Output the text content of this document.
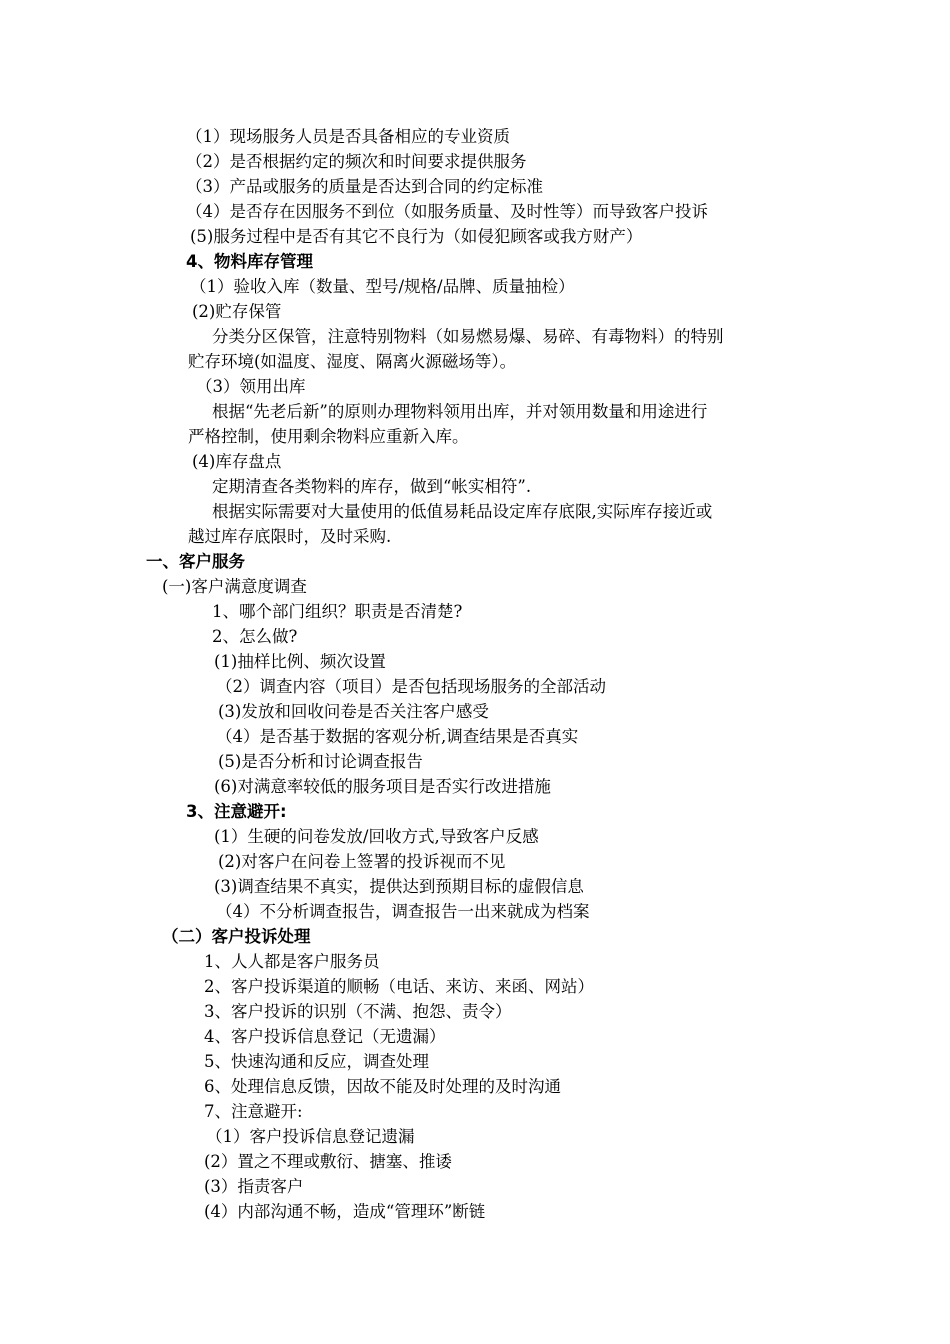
（1）现场服务人员是否具备相应的专业资质
（2）是否根据约定的频次和时间要求提供服务
（3）产品或服务的质量是否达到合同的约定标准
（4）是否存在因服务不到位（如服务质量、及时性等）而导致客户投诉
(5)服务过程中是否有其它不良行为（如侵犯顾客或我方财产）
4、物料库存管理
（1）验收入库（数量、型号/规格/品牌、质量抽检）
(2)贮存保管
分类分区保管，注意特别物料（如易燃易爆、易碎、有毒物料）的特别
贮存环境(如温度、湿度、隔离火源磁场等）。
（3）领用出库
根据“先老后新”的原则办理物料领用出库，并对领用数量和用途进行
严格控制，使用剩余物料应重新入库。
(4)库存盘点
定期清查各类物料的库存，做到“帐实相符”.
根据实际需要对大量使用的低值易耗品设定库存底限,实际库存接近或
越过库存底限时，及时采购.
一、客户服务
(一)客户满意度调查
1、哪个部门组织？职责是否清楚?
2、怎么做?
(1)抽样比例、频次设置
（2）调查内容（项目）是否包括现场服务的全部活动
(3)发放和回收问卷是否关注客户感受
（4）是否基于数据的客观分析,调查结果是否真实
(5)是否分析和讨论调查报告
(6)对满意率较低的服务项目是否实行改进措施
3、注意避开:
(1）生硬的问卷发放/回收方式,导致客户反感
(2)对客户在问卷上签署的投诉视而不见
(3)调查结果不真实，提供达到预期目标的虚假信息
（4）不分析调查报告，调查报告一出来就成为档案
（二）客户投诉处理
1、人人都是客户服务员
2、客户投诉渠道的顺畅（电话、来访、来函、网站）
3、客户投诉的识别（不满、抱怨、责令）
4、客户投诉信息登记（无遗漏）
5、快速沟通和反应，调查处理
6、处理信息反馈，因故不能及时处理的及时沟通
7、注意避开:
（1）客户投诉信息登记遗漏
(2）置之不理或敷衍、搪塞、推诿
(3）指责客户
(4）内部沟通不畅，造成“管理环”断链
